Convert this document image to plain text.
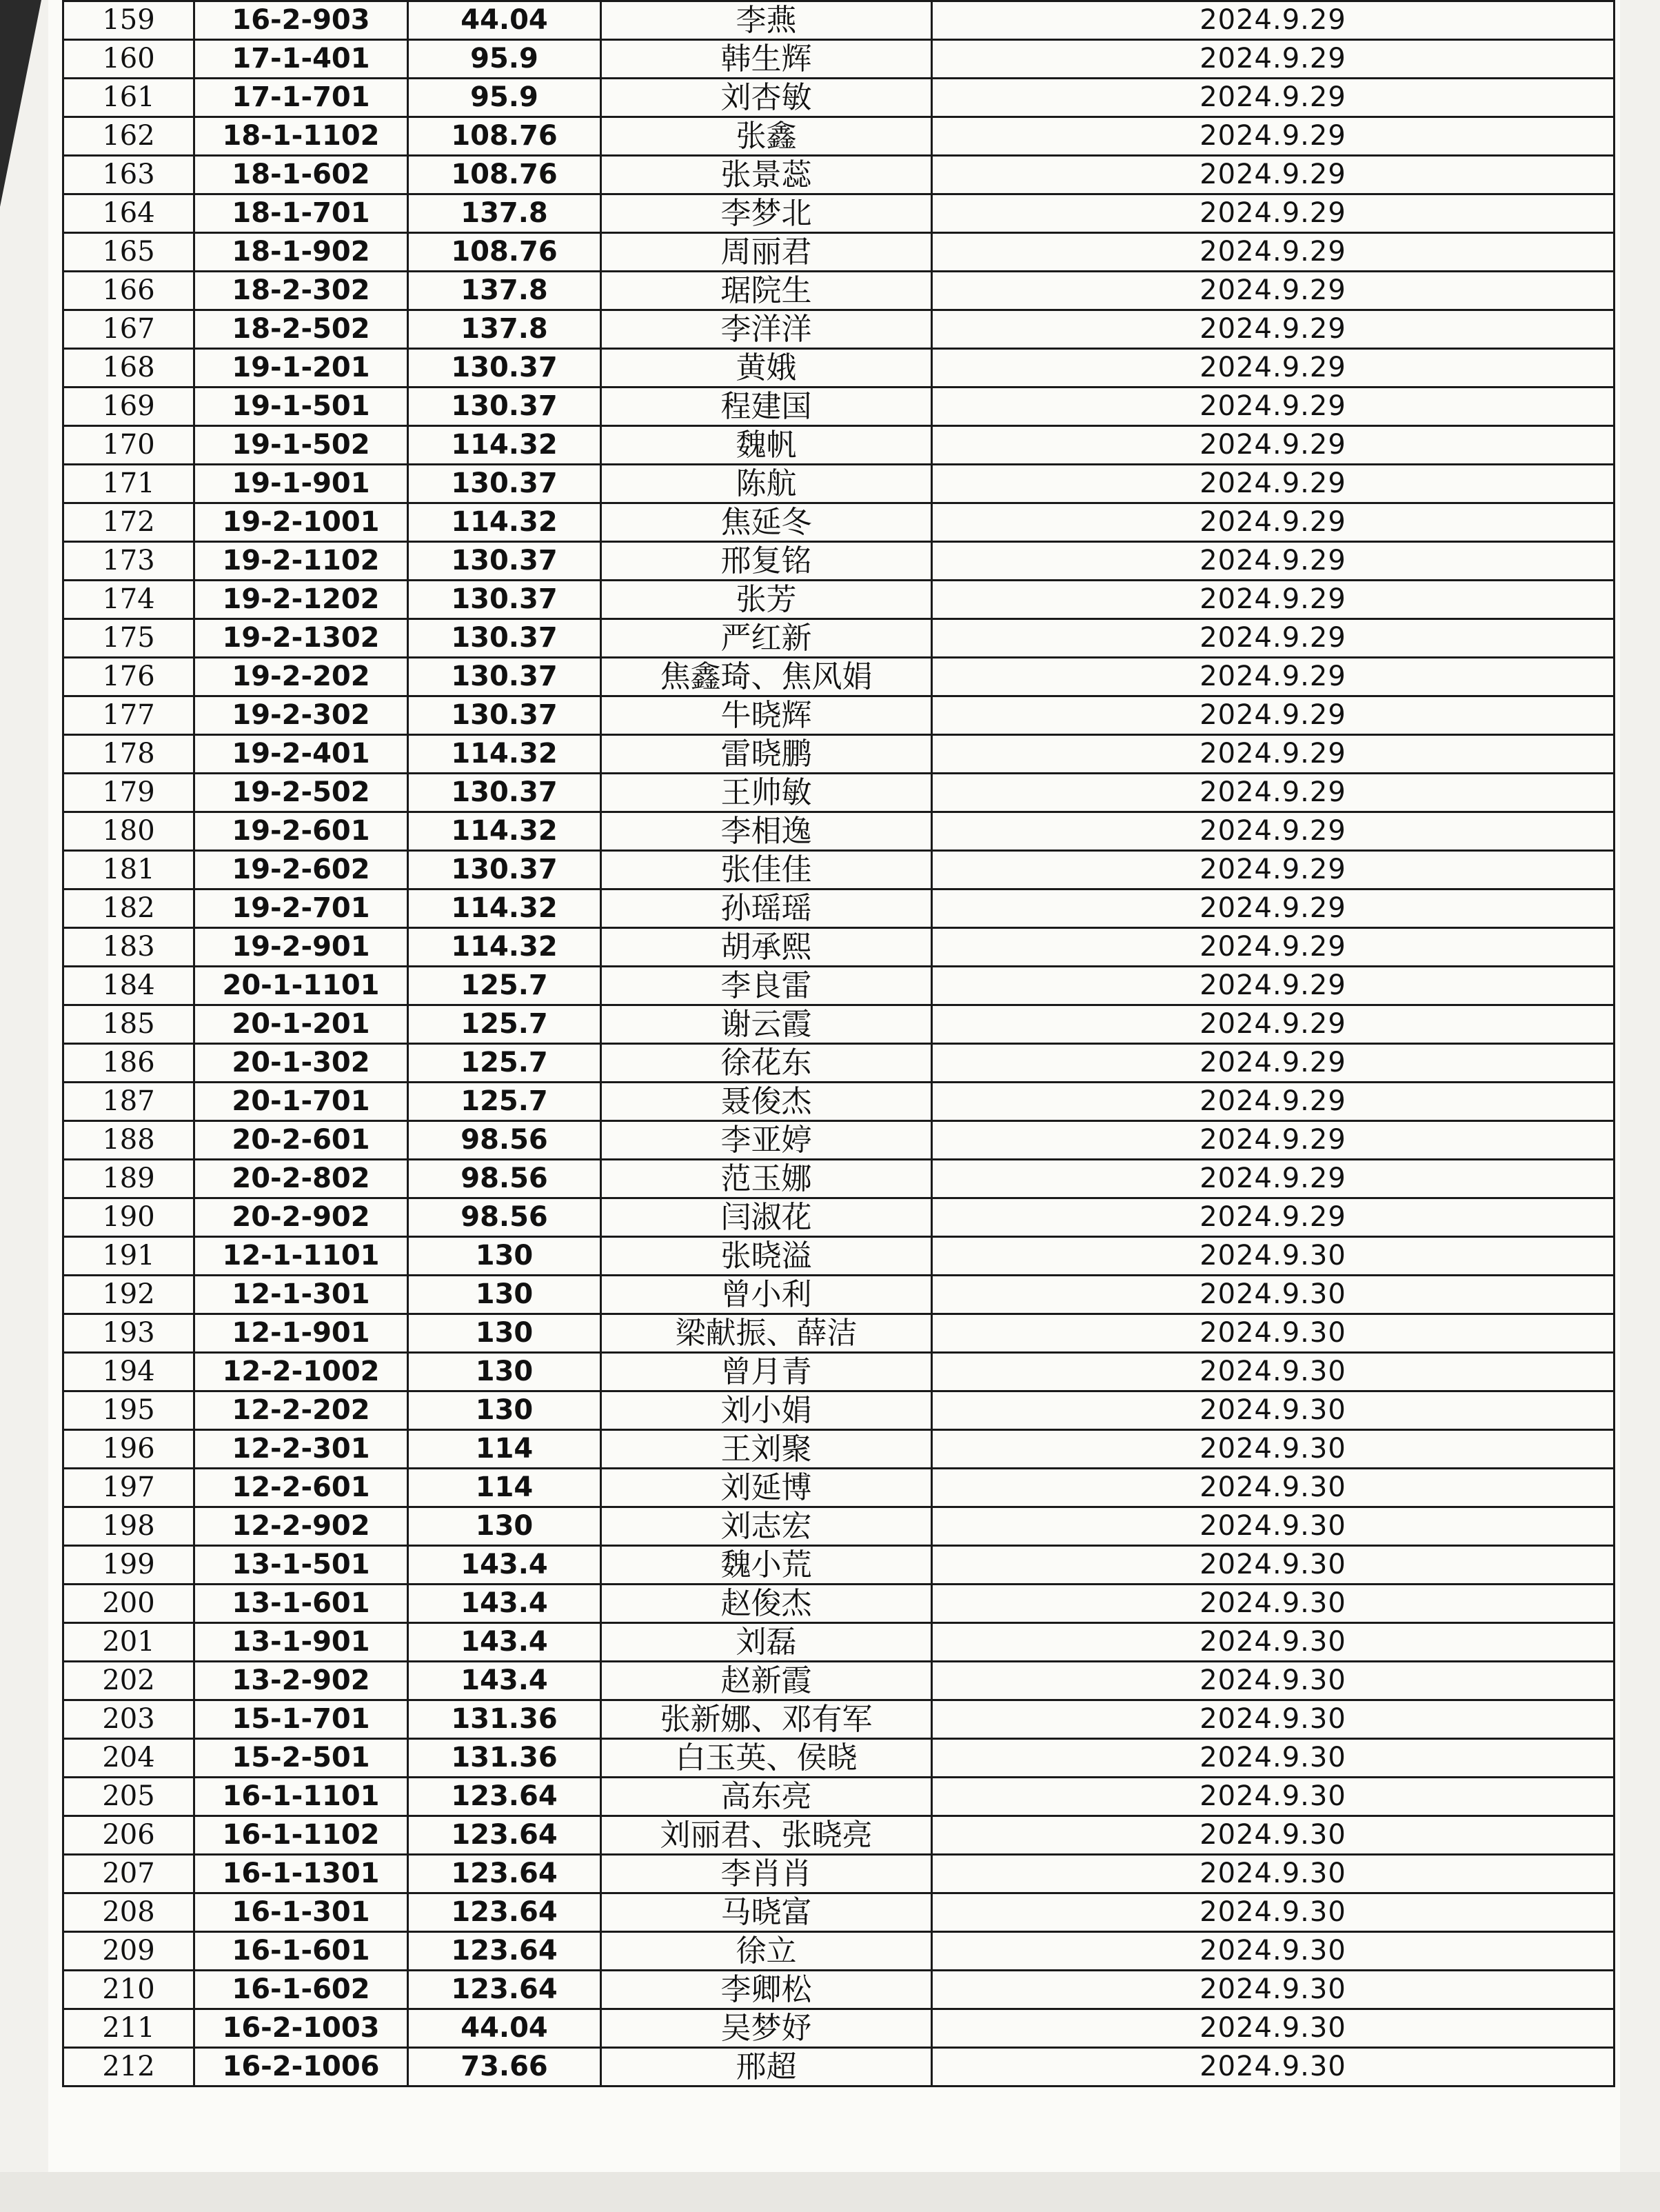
159	16-2-903	44.04	李燕	2024.9.29
160	17-1-401	95.9	韩生辉	2024.9.29
161	17-1-701	95.9	刘杏敏	2024.9.29
162	18-1-1102	108.76	张鑫	2024.9.29
163	18-1-602	108.76	张景蕊	2024.9.29
164	18-1-701	137.8	李梦北	2024.9.29
165	18-1-902	108.76	周丽君	2024.9.29
166	18-2-302	137.8	琚院生	2024.9.29
167	18-2-502	137.8	李洋洋	2024.9.29
168	19-1-201	130.37	黄娥	2024.9.29
169	19-1-501	130.37	程建国	2024.9.29
170	19-1-502	114.32	魏帆	2024.9.29
171	19-1-901	130.37	陈航	2024.9.29
172	19-2-1001	114.32	焦延冬	2024.9.29
173	19-2-1102	130.37	邢复铭	2024.9.29
174	19-2-1202	130.37	张芳	2024.9.29
175	19-2-1302	130.37	严红新	2024.9.29
176	19-2-202	130.37	焦鑫琦、焦风娟	2024.9.29
177	19-2-302	130.37	牛晓辉	2024.9.29
178	19-2-401	114.32	雷晓鹏	2024.9.29
179	19-2-502	130.37	王帅敏	2024.9.29
180	19-2-601	114.32	李相逸	2024.9.29
181	19-2-602	130.37	张佳佳	2024.9.29
182	19-2-701	114.32	孙瑶瑶	2024.9.29
183	19-2-901	114.32	胡承熙	2024.9.29
184	20-1-1101	125.7	李良雷	2024.9.29
185	20-1-201	125.7	谢云霞	2024.9.29
186	20-1-302	125.7	徐花东	2024.9.29
187	20-1-701	125.7	聂俊杰	2024.9.29
188	20-2-601	98.56	李亚婷	2024.9.29
189	20-2-802	98.56	范玉娜	2024.9.29
190	20-2-902	98.56	闫淑花	2024.9.29
191	12-1-1101	130	张晓溢	2024.9.30
192	12-1-301	130	曾小利	2024.9.30
193	12-1-901	130	梁献振、薛洁	2024.9.30
194	12-2-1002	130	曾月青	2024.9.30
195	12-2-202	130	刘小娟	2024.9.30
196	12-2-301	114	王刘聚	2024.9.30
197	12-2-601	114	刘延博	2024.9.30
198	12-2-902	130	刘志宏	2024.9.30
199	13-1-501	143.4	魏小荒	2024.9.30
200	13-1-601	143.4	赵俊杰	2024.9.30
201	13-1-901	143.4	刘磊	2024.9.30
202	13-2-902	143.4	赵新霞	2024.9.30
203	15-1-701	131.36	张新娜、邓有军	2024.9.30
204	15-2-501	131.36	白玉英、侯晓	2024.9.30
205	16-1-1101	123.64	高东亮	2024.9.30
206	16-1-1102	123.64	刘丽君、张晓亮	2024.9.30
207	16-1-1301	123.64	李肖肖	2024.9.30
208	16-1-301	123.64	马晓富	2024.9.30
209	16-1-601	123.64	徐立	2024.9.30
210	16-1-602	123.64	李卿松	2024.9.30
211	16-2-1003	44.04	吴梦妤	2024.9.30
212	16-2-1006	73.66	邢超	2024.9.30
